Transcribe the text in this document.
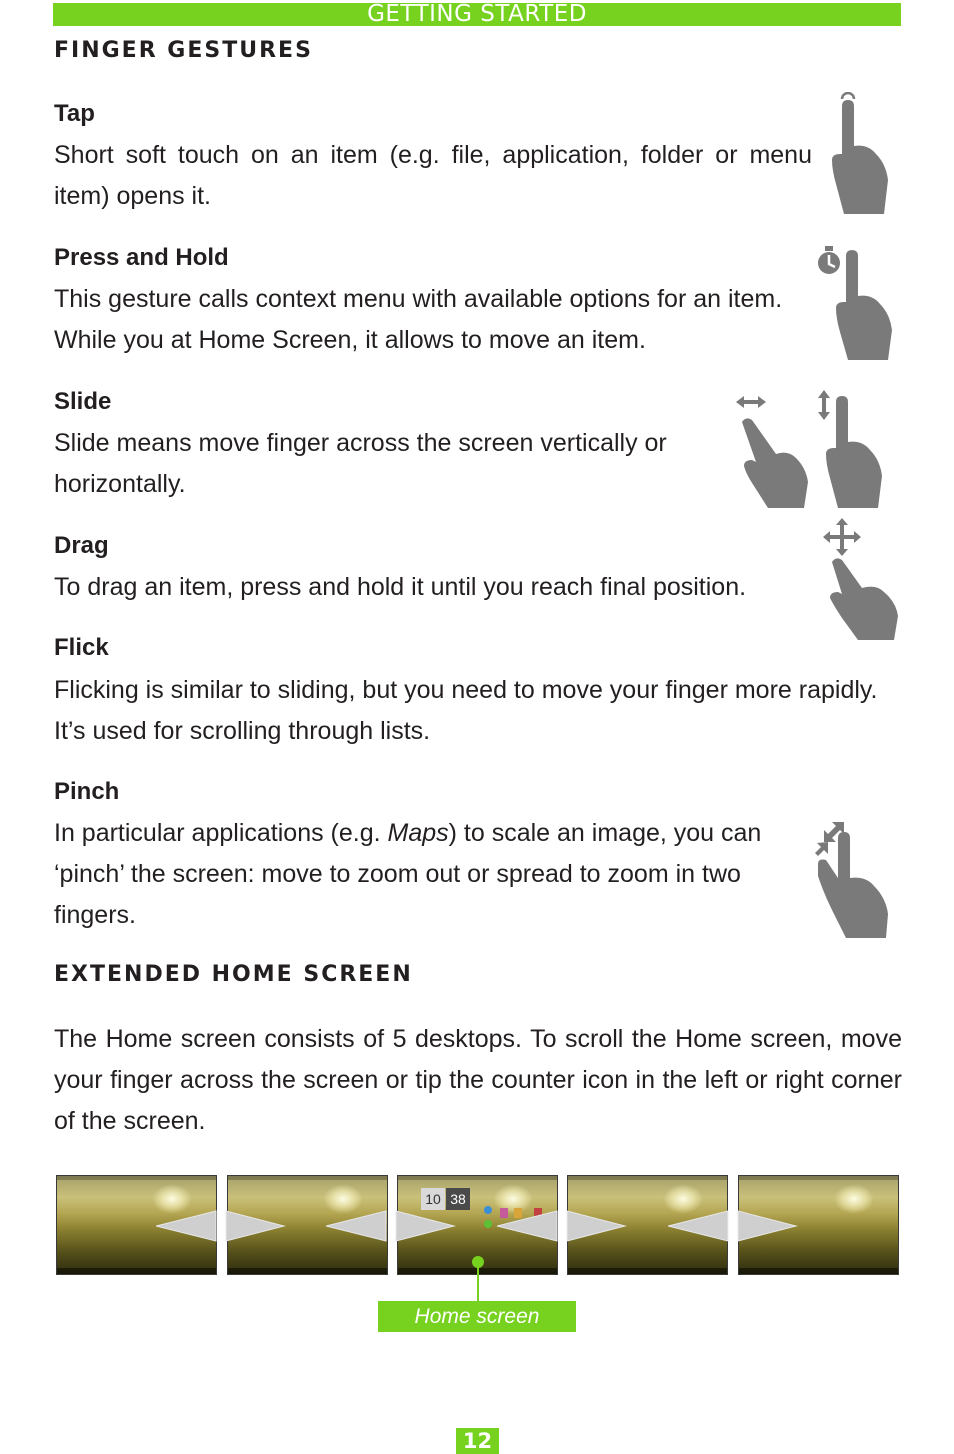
GETTING STARTED
FINGER GESTURES
Tap

Short soft touch on an item (e.g. file, application, folder or menu item) opens it.

Press and Hold

This gesture calls context menu with available options for an item. While you at Home Screen, it allows to move an item.

Slide

Slide means move finger across the screen vertically or horizontally.

Drag

To drag an item, press and hold it until you reach final position.

Flick

Flicking is similar to sliding, but you need to move your finger more rapidly. It’s used for scrolling through lists.

Pinch

In particular applications (e.g. Maps) to scale an image, you can ‘pinch’ the screen: move to zoom out or spread to zoom in two fingers.

EXTENDED HOME SCREEN

The Home screen consists of 5 desktops. To scroll the Home screen, move your finger across the screen or tip the counter icon in the left or right corner of the screen.

10 38
Home screen
12
